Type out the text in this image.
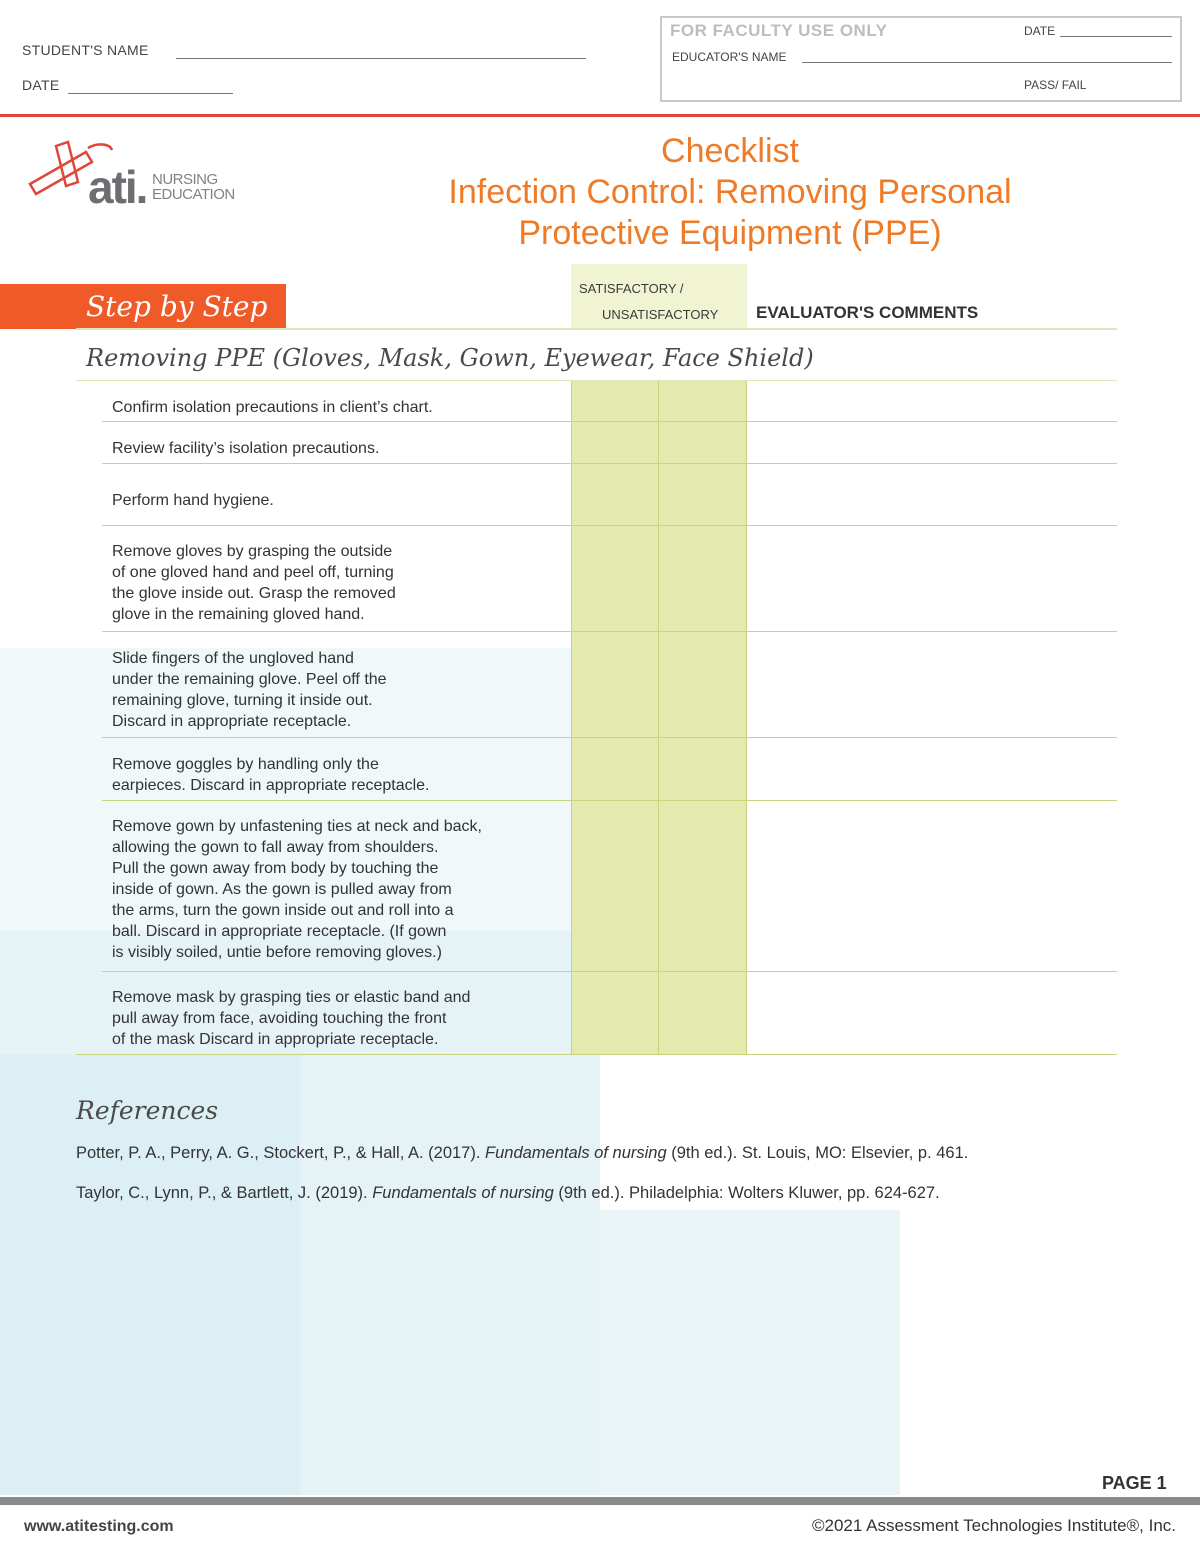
STUDENT'S NAME
DATE
FOR FACULTY USE ONLY	DATE
EDUCATOR'S NAME
PASS/ FAIL
ati. NURSING
EDUCATION
Checklist
Infection Control: Removing Personal
Protective Equipment (PPE)
Step by Step
SATISFACTORY /
UNSATISFACTORY EVALUATOR'S COMMENTS
Removing PPE (Gloves, Mask, Gown, Eyewear, Face Shield)
Confirm isolation precautions in client’s chart.
Review facility’s isolation precautions.
Perform hand hygiene.
Remove gloves by grasping the outside
of one gloved hand and peel off, turning
the glove inside out. Grasp the removed
glove in the remaining gloved hand.
Slide fingers of the ungloved hand
under the remaining glove. Peel off the
remaining glove, turning it inside out.
Discard in appropriate receptacle.
Remove goggles by handling only the
earpieces. Discard in appropriate receptacle.
Remove gown by unfastening ties at neck and back,
allowing the gown to fall away from shoulders.
Pull the gown away from body by touching the
inside of gown. As the gown is pulled away from
the arms, turn the gown inside out and roll into a
ball. Discard in appropriate receptacle. (If gown
is visibly soiled, untie before removing gloves.)
Remove mask by grasping ties or elastic band and
pull away from face, avoiding touching the front
of the mask Discard in appropriate receptacle.
References
Potter, P. A., Perry, A. G., Stockert, P., & Hall, A. (2017). Fundamentals of nursing (9th ed.). St. Louis, MO: Elsevier, p. 461.
Taylor, C., Lynn, P., & Bartlett, J. (2019). Fundamentals of nursing (9th ed.). Philadelphia: Wolters Kluwer, pp. 624-627.
PAGE 1
www.atitesting.com	©2021 Assessment Technologies Institute®, Inc.
